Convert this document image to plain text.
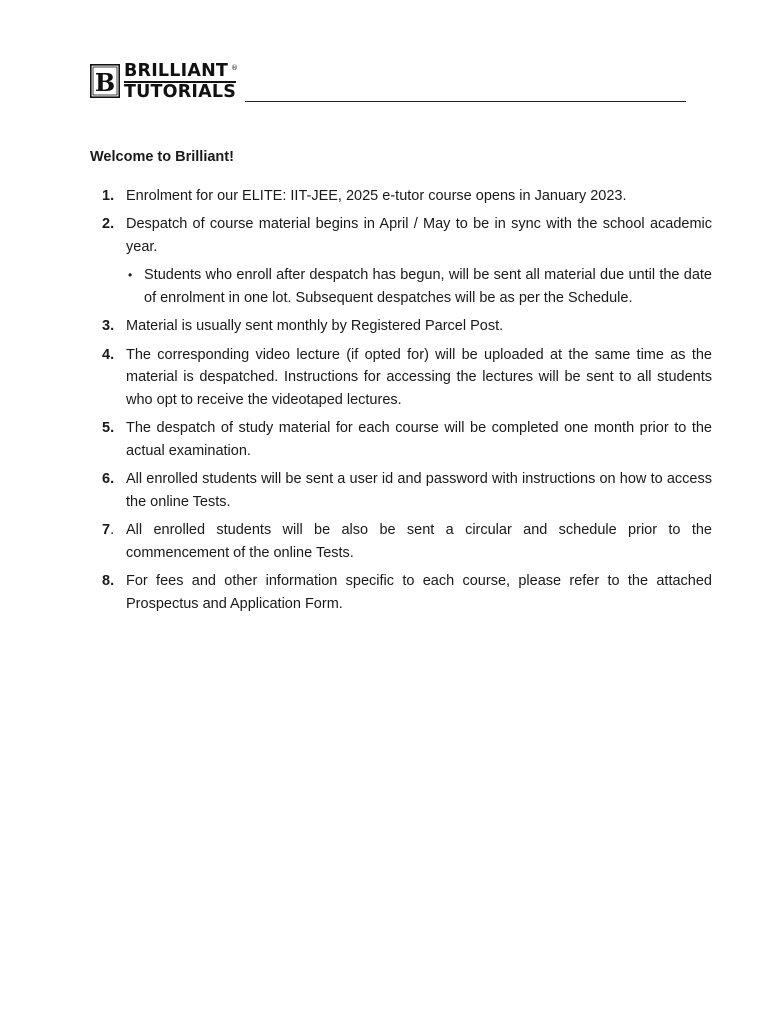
B BRILLIANT
TUTORIALS
®
Welcome to Brilliant!
1. Enrolment for our ELITE: IIT-JEE, 2025 e-tutor course opens in January 2023.
2. Despatch of course material begins in April / May to be in sync with the school academic year.
• Students who enroll after despatch has begun, will be sent all material due until the date of enrolment in one lot. Subsequent despatches will be as per the Schedule.
3. Material is usually sent monthly by Registered Parcel Post.
4. The corresponding video lecture (if opted for) will be uploaded at the same time as the material is despatched. Instructions for accessing the lectures will be sent to all students who opt to receive the videotaped lectures.
5. The despatch of study material for each course will be completed one month prior to the actual examination.
6. All enrolled students will be sent a user id and password with instructions on how to access the online Tests.
7. All enrolled students will be also be sent a circular and schedule prior to the commencement of the online Tests.
8. For fees and other information specific to each course, please refer to the attached Prospectus and Application Form.
